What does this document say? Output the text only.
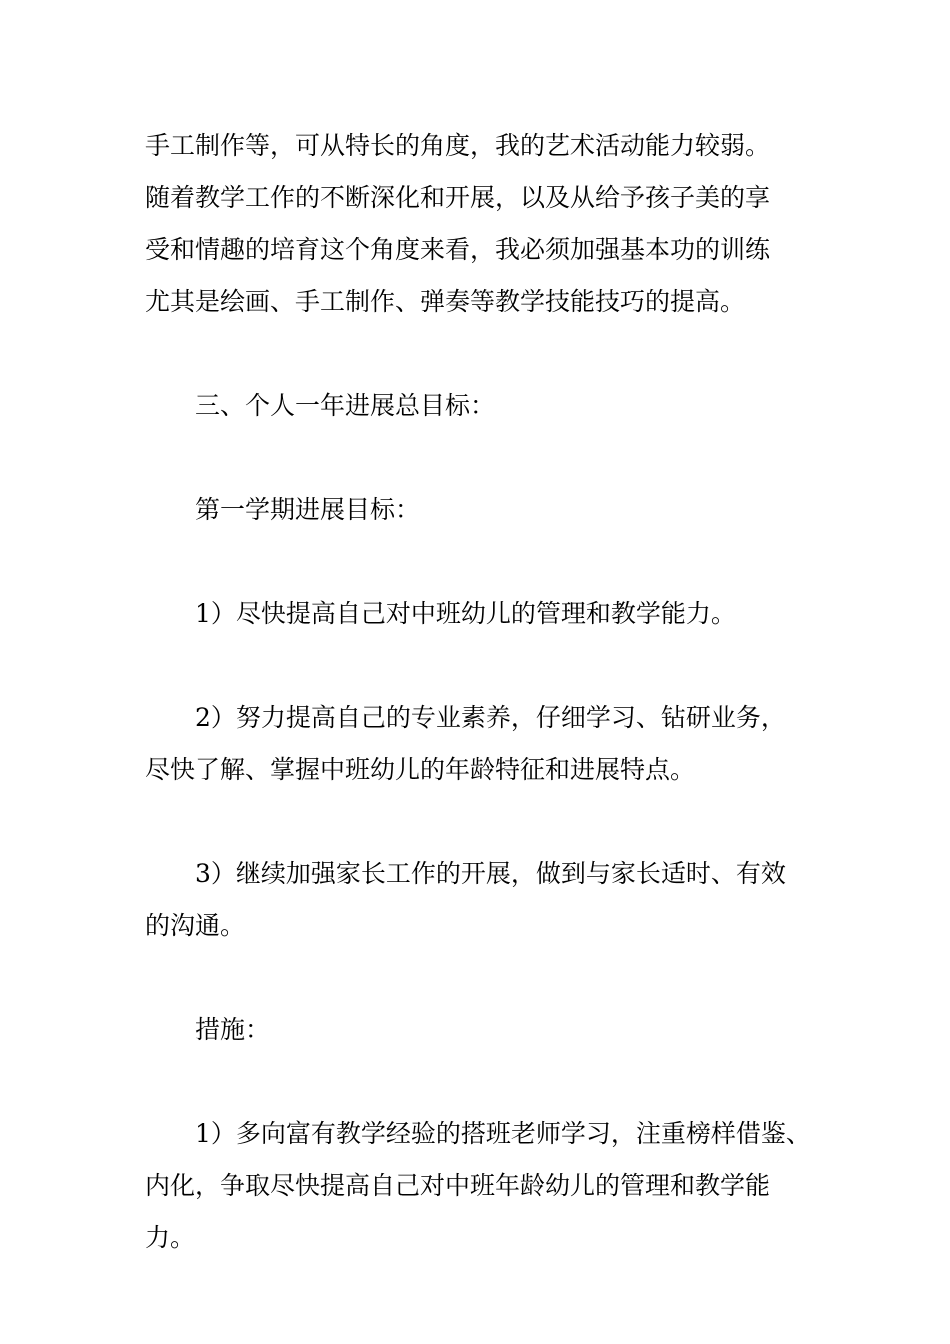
手工制作等，可从特长的角度，我的艺术活动能力较弱。
随着教学工作的不断深化和开展，以及从给予孩子美的享
受和情趣的培育这个角度来看，我必须加强基本功的训练
尤其是绘画、手工制作、弹奏等教学技能技巧的提高。
三、个人一年进展总目标：
第一学期进展目标：
1）尽快提高自己对中班幼儿的管理和教学能力。
2）努力提高自己的专业素养，仔细学习、钻研业务，
尽快了解、掌握中班幼儿的年龄特征和进展特点。
3）继续加强家长工作的开展，做到与家长适时、有效
的沟通。
措施：
1）多向富有教学经验的搭班老师学习，注重榜样借鉴、
内化，争取尽快提高自己对中班年龄幼儿的管理和教学能
力。
